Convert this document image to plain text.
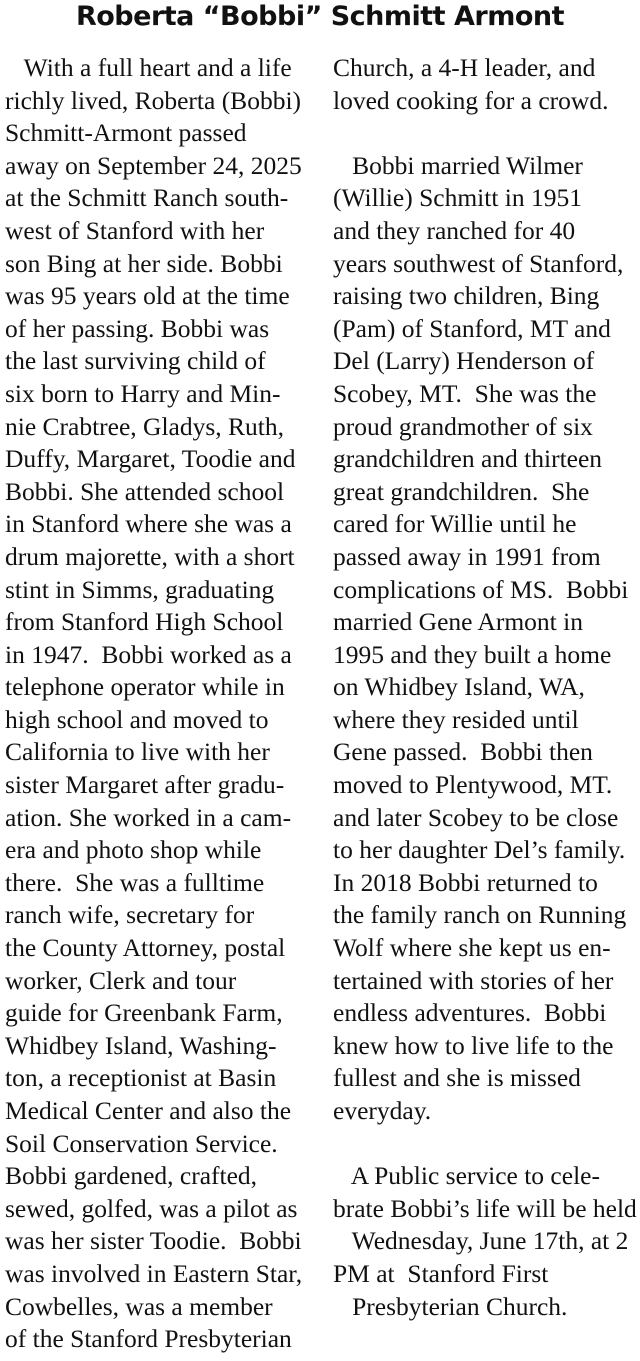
Roberta “Bobbi” Schmitt Armont
With a full heart and a life
richly lived, Roberta (Bobbi)
Schmitt-Armont passed
away on September 24, 2025
at the Schmitt Ranch south-
west of Stanford with her
son Bing at her side. Bobbi
was 95 years old at the time
of her passing. Bobbi was
the last surviving child of
six born to Harry and Min-
nie Crabtree, Gladys, Ruth,
Duffy, Margaret, Toodie and
Bobbi. She attended school
in Stanford where she was a
drum majorette, with a short
stint in Simms, graduating
from Stanford High School
in 1947.  Bobbi worked as a
telephone operator while in
high school and moved to
California to live with her
sister Margaret after gradu-
ation. She worked in a cam-
era and photo shop while
there.  She was a fulltime
ranch wife, secretary for
the County Attorney, postal
worker, Clerk and tour
guide for Greenbank Farm,
Whidbey Island, Washing-
ton, a receptionist at Basin
Medical Center and also the
Soil Conservation Service.
Bobbi gardened, crafted,
sewed, golfed, was a pilot as
was her sister Toodie.  Bobbi
was involved in Eastern Star,
Cowbelles, was a member
of the Stanford Presbyterian
Church, a 4-H leader, and
loved cooking for a crowd.
Bobbi married Wilmer
(Willie) Schmitt in 1951
and they ranched for 40
years southwest of Stanford,
raising two children, Bing
(Pam) of Stanford, MT and
Del (Larry) Henderson of
Scobey, MT.  She was the
proud grandmother of six
grandchildren and thirteen
great grandchildren.  She
cared for Willie until he
passed away in 1991 from
complications of MS.  Bobbi
married Gene Armont in
1995 and they built a home
on Whidbey Island, WA,
where they resided until
Gene passed.  Bobbi then
moved to Plentywood, MT.
and later Scobey to be close
to her daughter Del’s family.
In 2018 Bobbi returned to
the family ranch on Running
Wolf where she kept us en-
tertained with stories of her
endless adventures.  Bobbi
knew how to live life to the
fullest and she is missed
everyday.
A Public service to cele-
brate Bobbi’s life will be held
Wednesday, June 17th, at 2
PM at  Stanford First
Presbyterian Church.
